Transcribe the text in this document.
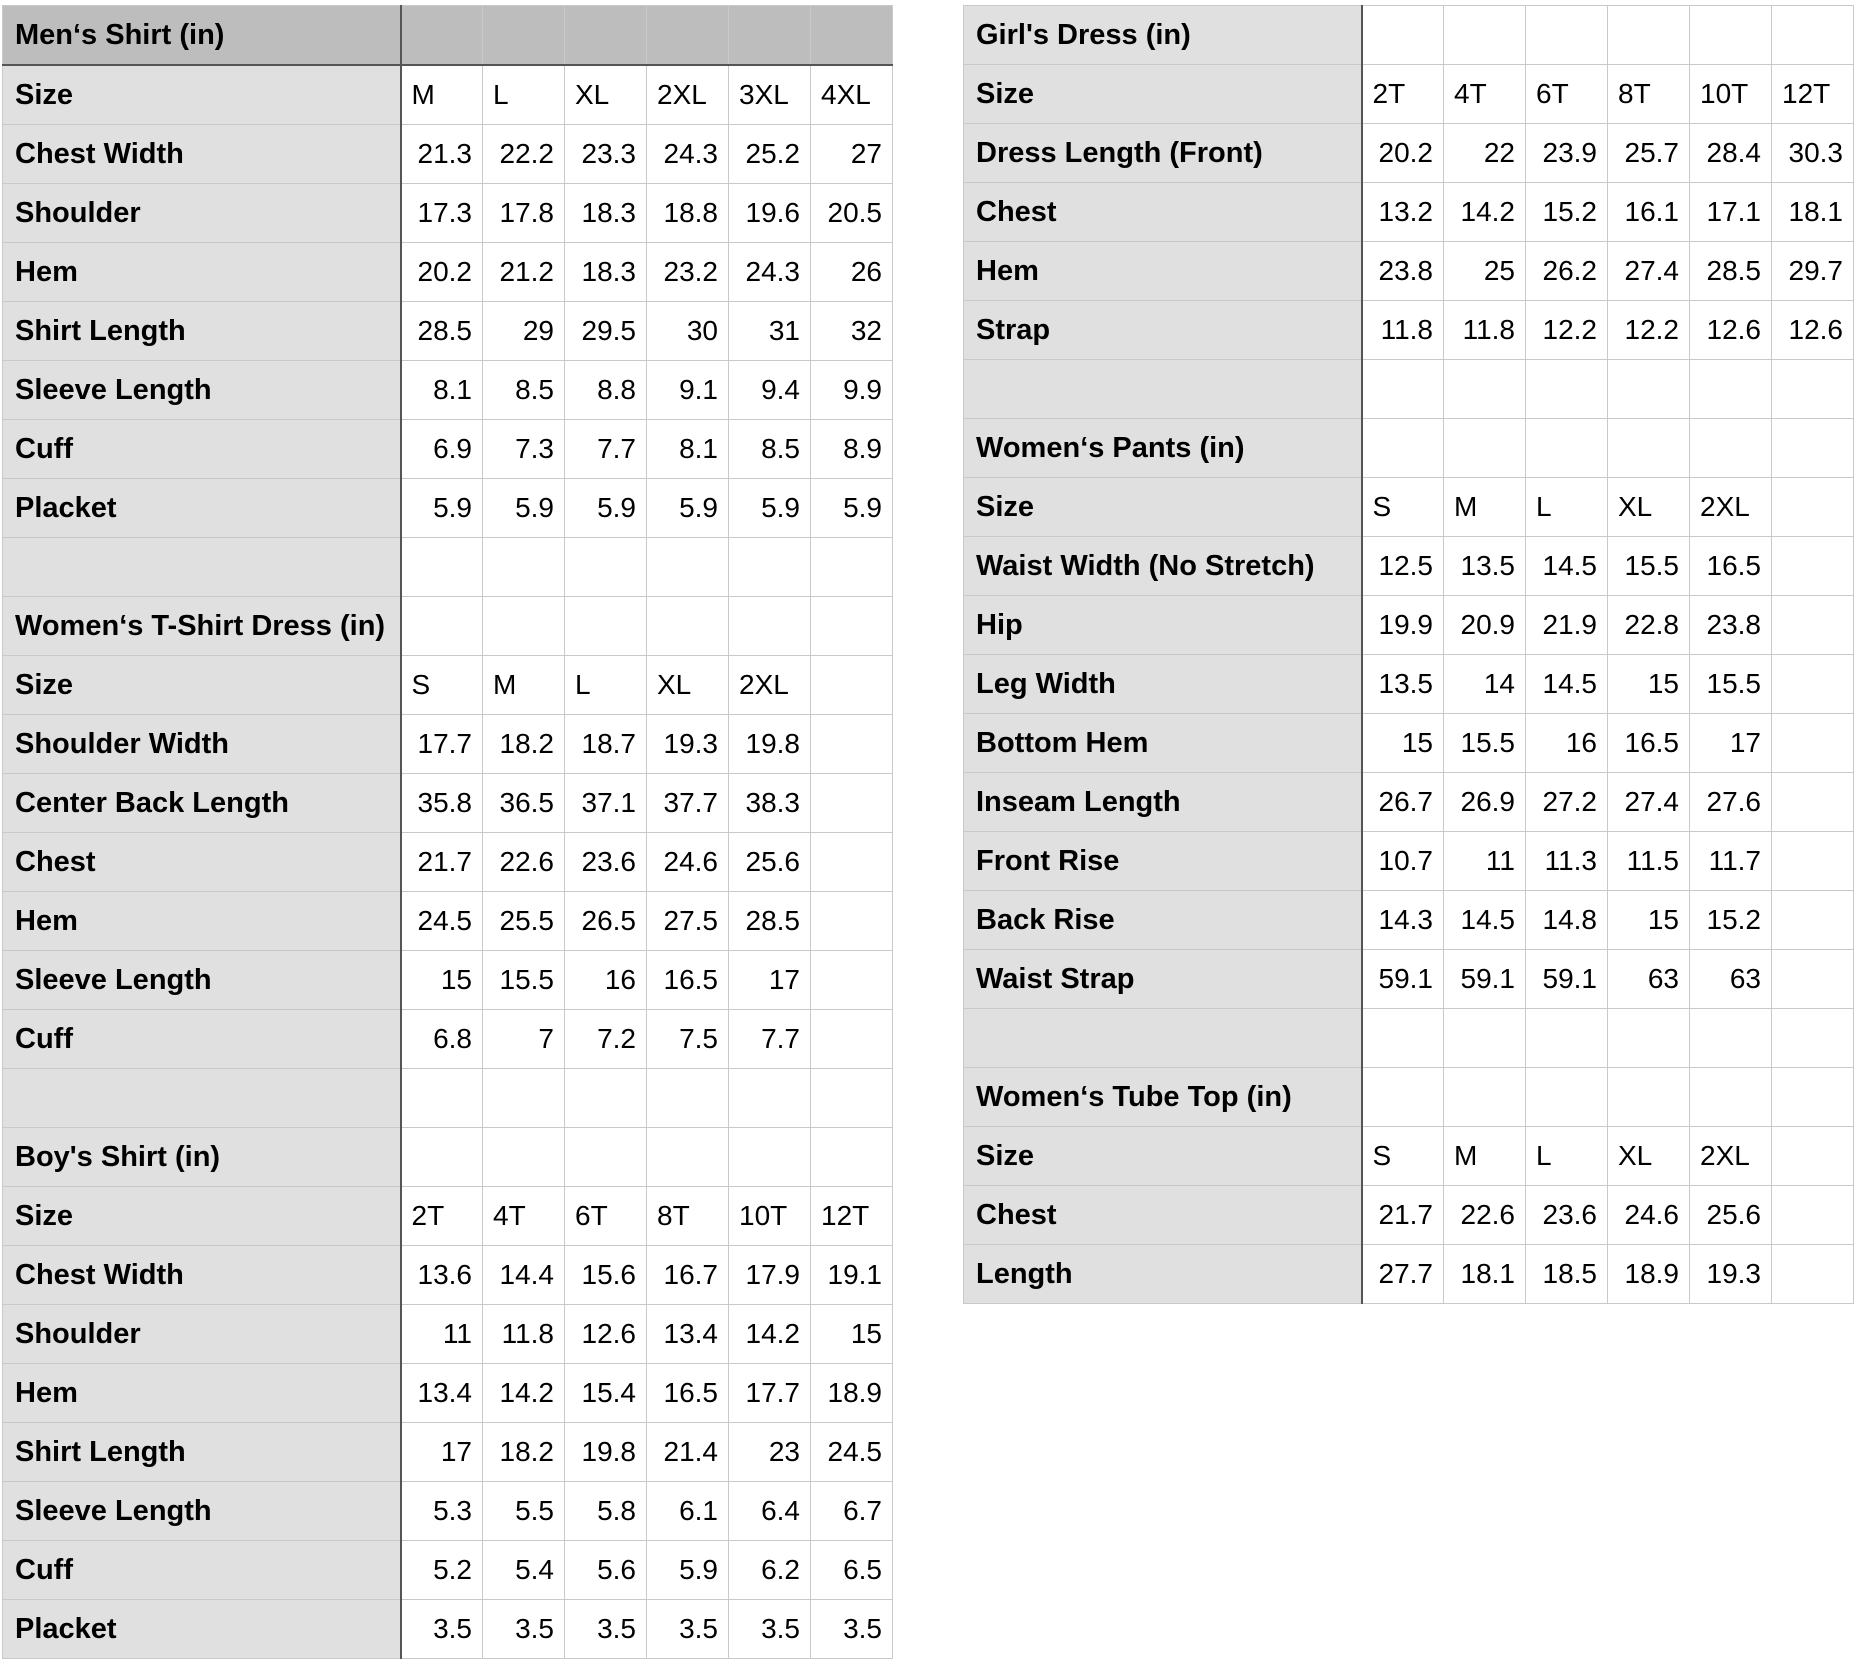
Men‘s Shirt (in)						
Size	M	L	XL	2XL	3XL	4XL
Chest Width	21.3	22.2	23.3	24.3	25.2	27
Shoulder	17.3	17.8	18.3	18.8	19.6	20.5
Hem	20.2	21.2	18.3	23.2	24.3	26
Shirt Length	28.5	29	29.5	30	31	32
Sleeve Length	8.1	8.5	8.8	9.1	9.4	9.9
Cuff	6.9	7.3	7.7	8.1	8.5	8.9
Placket	5.9	5.9	5.9	5.9	5.9	5.9

Women‘s T-Shirt Dress (in)						
Size	S	M	L	XL	2XL	
Shoulder Width	17.7	18.2	18.7	19.3	19.8	
Center Back Length	35.8	36.5	37.1	37.7	38.3	
Chest	21.7	22.6	23.6	24.6	25.6	
Hem	24.5	25.5	26.5	27.5	28.5	
Sleeve Length	15	15.5	16	16.5	17	
Cuff	6.8	7	7.2	7.5	7.7	

Boy's Shirt (in)						
Size	2T	4T	6T	8T	10T	12T
Chest Width	13.6	14.4	15.6	16.7	17.9	19.1
Shoulder	11	11.8	12.6	13.4	14.2	15
Hem	13.4	14.2	15.4	16.5	17.7	18.9
Shirt Length	17	18.2	19.8	21.4	23	24.5
Sleeve Length	5.3	5.5	5.8	6.1	6.4	6.7
Cuff	5.2	5.4	5.6	5.9	6.2	6.5
Placket	3.5	3.5	3.5	3.5	3.5	3.5
Girl's Dress (in)						
Size	2T	4T	6T	8T	10T	12T
Dress Length (Front)	20.2	22	23.9	25.7	28.4	30.3
Chest	13.2	14.2	15.2	16.1	17.1	18.1
Hem	23.8	25	26.2	27.4	28.5	29.7
Strap	11.8	11.8	12.2	12.2	12.6	12.6

Women‘s Pants (in)						
Size	S	M	L	XL	2XL	
Waist Width (No Stretch)	12.5	13.5	14.5	15.5	16.5	
Hip	19.9	20.9	21.9	22.8	23.8	
Leg Width	13.5	14	14.5	15	15.5	
Bottom Hem	15	15.5	16	16.5	17	
Inseam Length	26.7	26.9	27.2	27.4	27.6	
Front Rise	10.7	11	11.3	11.5	11.7	
Back Rise	14.3	14.5	14.8	15	15.2	
Waist Strap	59.1	59.1	59.1	63	63	

Women‘s Tube Top (in)						
Size	S	M	L	XL	2XL	
Chest	21.7	22.6	23.6	24.6	25.6	
Length	27.7	18.1	18.5	18.9	19.3	
